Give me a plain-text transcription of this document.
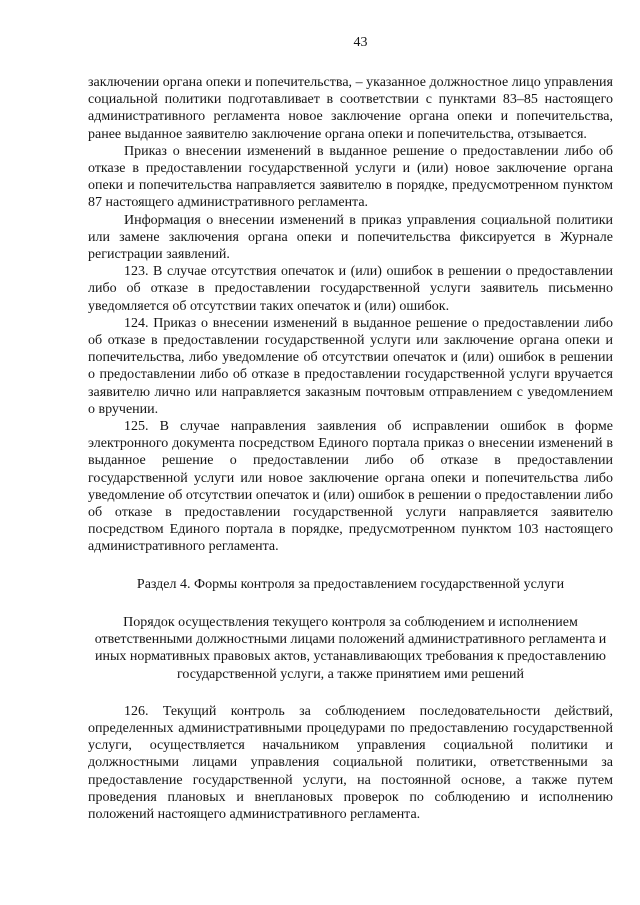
43

заключении органа опеки и попечительства, – указанное должностное лицо управления социальной политики подготавливает в соответствии с пунктами 83–85 настоящего административного регламента новое заключение органа опеки и попечительства, ранее выданное заявителю заключение органа опеки и попечительства, отзывается.

Приказ о внесении изменений в выданное решение о предоставлении либо об отказе в предоставлении государственной услуги и (или) новое заключение органа опеки и попечительства направляется заявителю в порядке, предусмотренном пунктом 87 настоящего административного регламента.

Информация о внесении изменений в приказ управления социальной политики или замене заключения органа опеки и попечительства фиксируется в Журнале регистрации заявлений.

123. В случае отсутствия опечаток и (или) ошибок в решении о предоставлении либо об отказе в предоставлении государственной услуги заявитель письменно уведомляется об отсутствии таких опечаток и (или) ошибок.

124. Приказ о внесении изменений в выданное решение о предоставлении либо об отказе в предоставлении государственной услуги или заключение органа опеки и попечительства, либо уведомление об отсутствии опечаток и (или) ошибок в решении о предоставлении либо об отказе в предоставлении государственной услуги вручается заявителю лично или направляется заказным почтовым отправлением с уведомлением о вручении.

125. В случае направления заявления об исправлении ошибок в форме электронного документа посредством Единого портала приказ о внесении изменений в выданное решение о предоставлении либо об отказе в предоставлении государственной услуги или новое заключение органа опеки и попечительства либо уведомление об отсутствии опечаток и (или) ошибок в решении о предоставлении либо об отказе в предоставлении государственной услуги направляется заявителю посредством Единого портала в порядке, предусмотренном пунктом 103 настоящего административного регламента.

Раздел 4. Формы контроля за предоставлением государственной услуги
Порядок осуществления текущего контроля за соблюдением и исполнением ответственными должностными лицами положений административного регламента и иных нормативных правовых актов, устанавливающих требования к предоставлению государственной услуги, а также принятием ими решений

126. Текущий контроль за соблюдением последовательности действий, определенных административными процедурами по предоставлению государственной услуги, осуществляется начальником управления социальной политики и должностными лицами управления социальной политики, ответственными за предоставление государственной услуги, на постоянной основе, а также путем проведения плановых и внеплановых проверок по соблюдению и исполнению положений настоящего административного регламента.
